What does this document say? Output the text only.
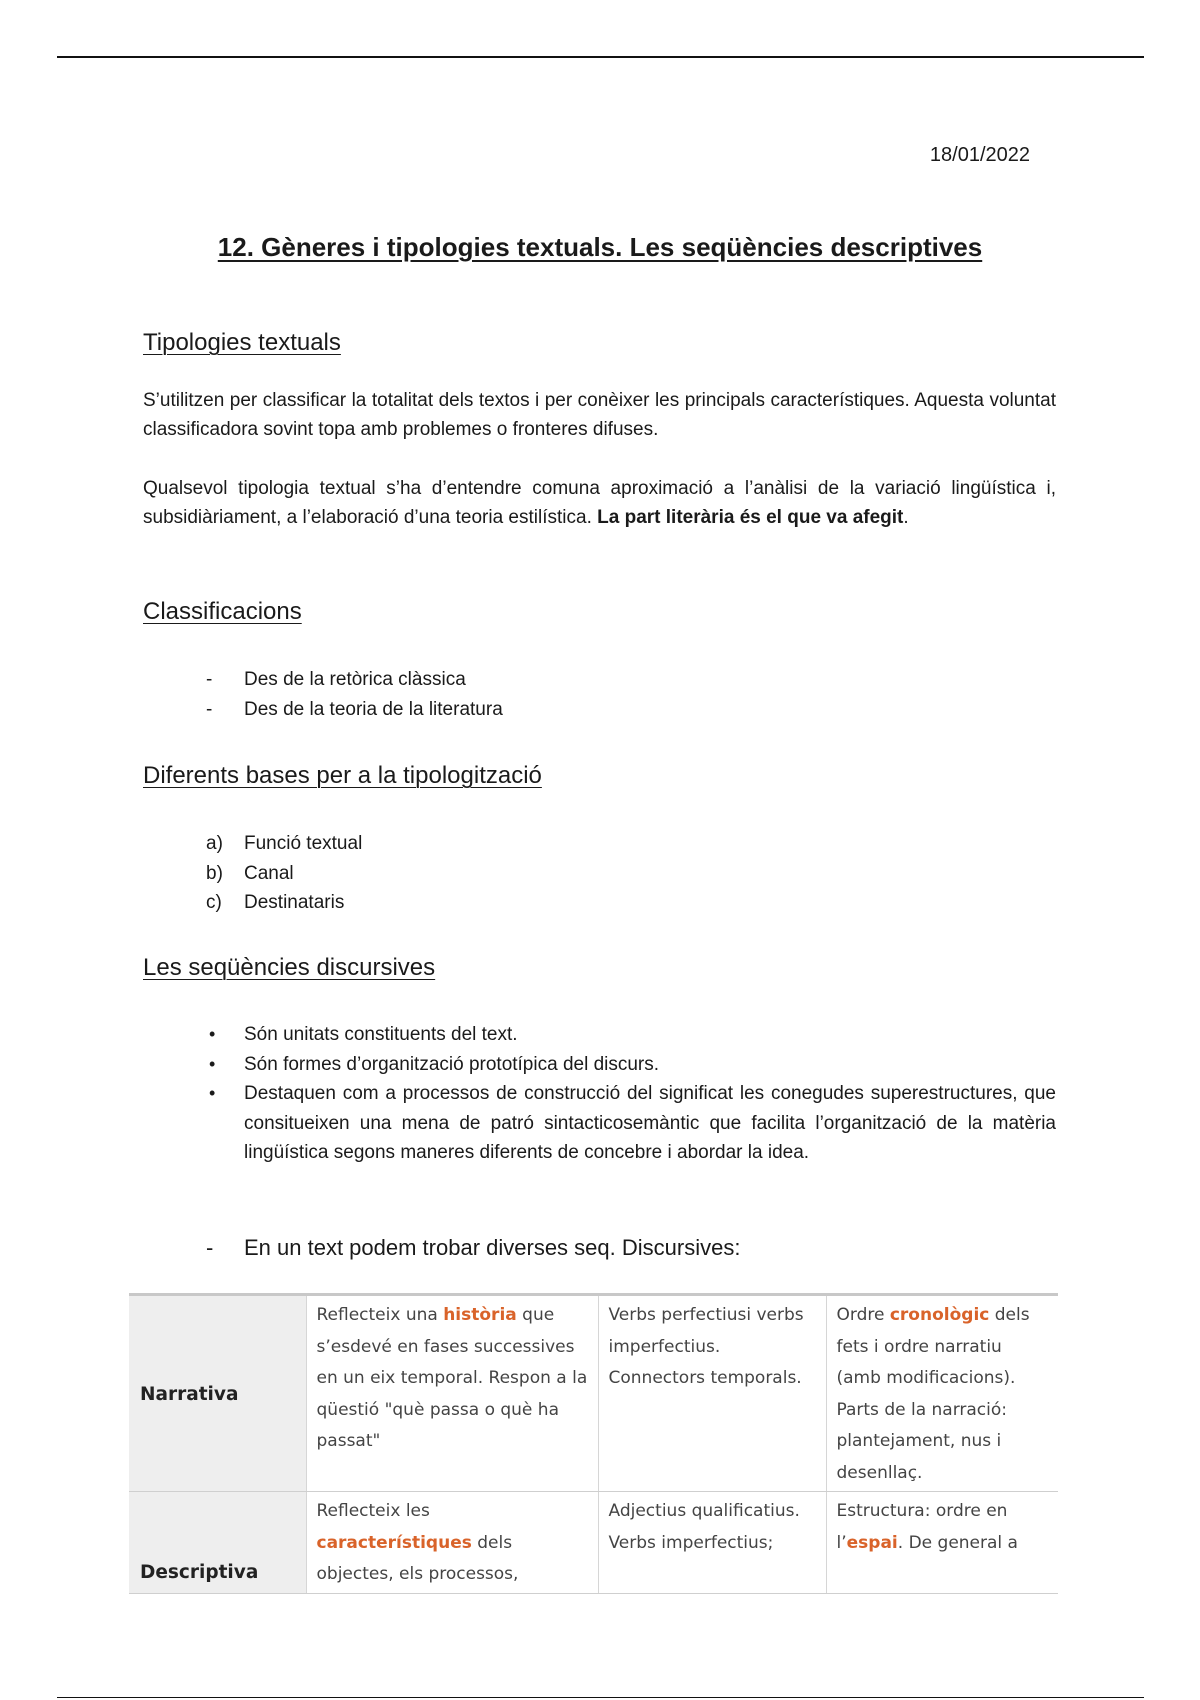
18/01/2022
12. Gèneres i tipologies textuals. Les seqüències descriptives
Tipologies textuals

S’utilitzen per classificar la totalitat dels textos i per conèixer les principals característiques. Aquesta voluntat classificadora sovint topa amb problemes o fronteres difuses.

Qualsevol tipologia textual s’ha d’entendre comuna aproximació a l’anàlisi de la variació lingüística i, subsidiàriament, a l’elaboració d’una teoria estilística. La part literària és el que va afegit.

Classificacions
- Des de la retòrica clàssica
- Des de la teoria de la literatura
Diferents bases per a la tipologització
a) Funció textual
b) Canal
c) Destinataris
Les seqüències discursives
• Són unitats constituents del text.
• Són formes d’organització prototípica del discurs.
• Destaquen com a processos de construcció del significat les conegudes superestructures, que consitueixen una mena de patró sintacticosemàntic que facilita l’organització de la matèria lingüística segons maneres diferents de concebre i abordar la idea.
- En un text podem trobar diverses seq. Discursives:
Narrativa	Reflecteix una història que s’esdevé en fases successives en un eix temporal. Respon a la qüestió "què passa o què ha passat"	Verbs perfectiusi verbs imperfectius. Connectors temporals.	Ordre cronològic dels fets i ordre narratiu (amb modificacions). Parts de la narració: plantejament, nus i desenllaç.
Descriptiva	Reflecteix les característiques dels objectes, els processos,	Adjectius qualificatius. Verbs imperfectius;	Estructura: ordre en l’espai. De general a
